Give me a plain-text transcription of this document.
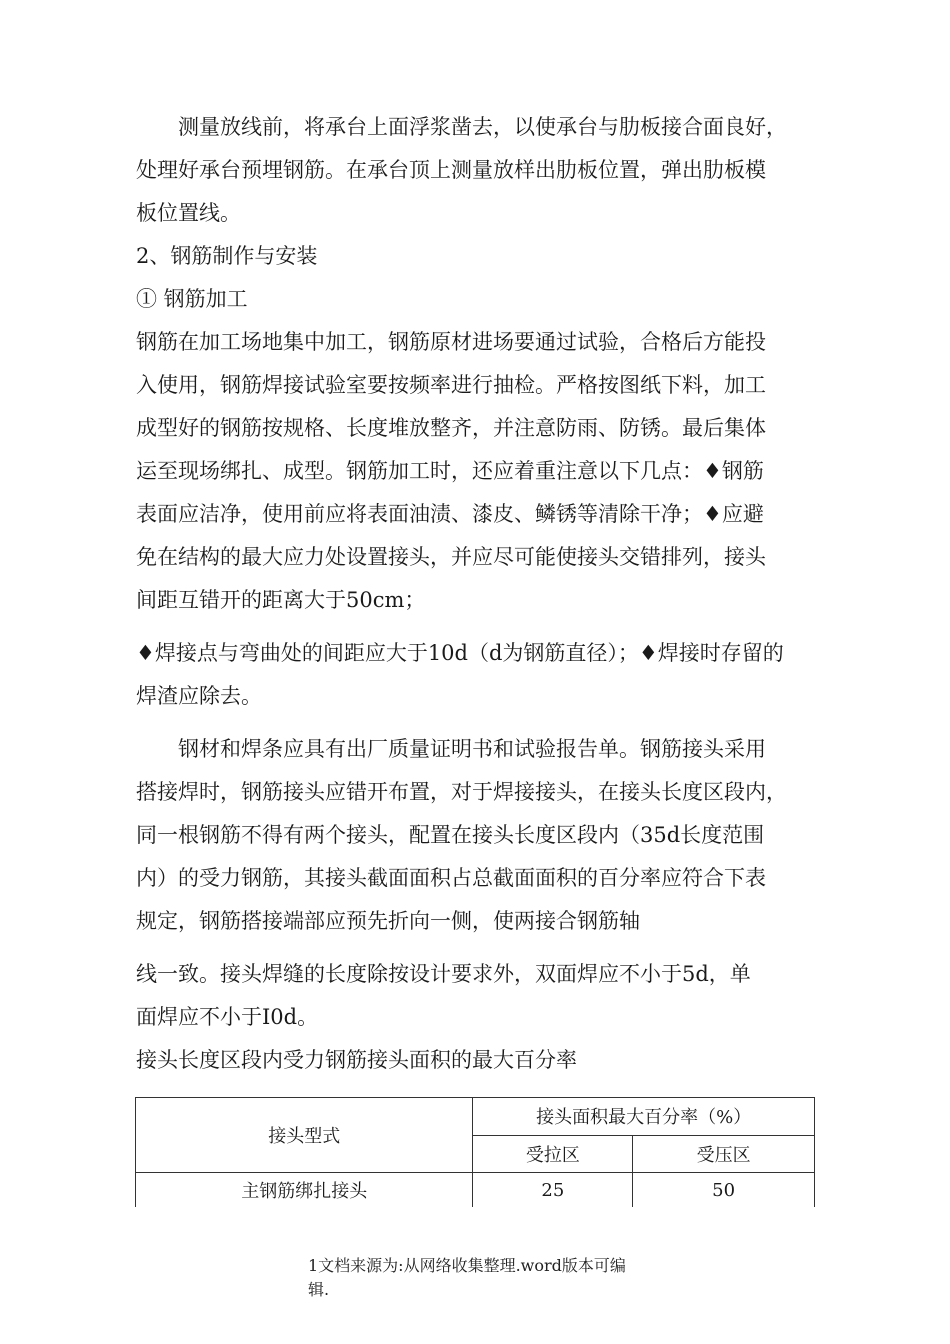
测量放线前，将承台上面浮浆凿去，以使承台与肋板接合面良好，
处理好承台预埋钢筋。在承台顶上测量放样出肋板位置，弹出肋板模
板位置线。
2、钢筋制作与安装
① 钢筋加工
钢筋在加工场地集中加工，钢筋原材进场要通过试验，合格后方能投
入使用，钢筋焊接试验室要按频率进行抽检。严格按图纸下料，加工
成型好的钢筋按规格、长度堆放整齐，并注意防雨、防锈。最后集体
运至现场绑扎、成型。钢筋加工时，还应着重注意以下几点：♦钢筋
表面应洁净，使用前应将表面油渍、漆皮、鳞锈等清除干净；♦应避
免在结构的最大应力处设置接头，并应尽可能使接头交错排列，接头
间距互错开的距离大于50cm；
♦焊接点与弯曲处的间距应大于10d（d为钢筋直径）；♦焊接时存留的
焊渣应除去。
钢材和焊条应具有出厂质量证明书和试验报告单。钢筋接头采用
搭接焊时，钢筋接头应错开布置，对于焊接接头，在接头长度区段内，
同一根钢筋不得有两个接头，配置在接头长度区段内（35d长度范围
内）的受力钢筋，其接头截面面积占总截面面积的百分率应符合下表
规定，钢筋搭接端部应预先折向一侧，使两接合钢筋轴
线一致。接头焊缝的长度除按设计要求外，双面焊应不小于5d，单
面焊应不小于I0d。
接头长度区段内受力钢筋接头面积的最大百分率
接头型式	接头面积最大百分率（%）	
	受拉区	受压区
主钢筋绑扎接头	25	50
1文档来源为:从网络收集整理.word版本可编
辑.
